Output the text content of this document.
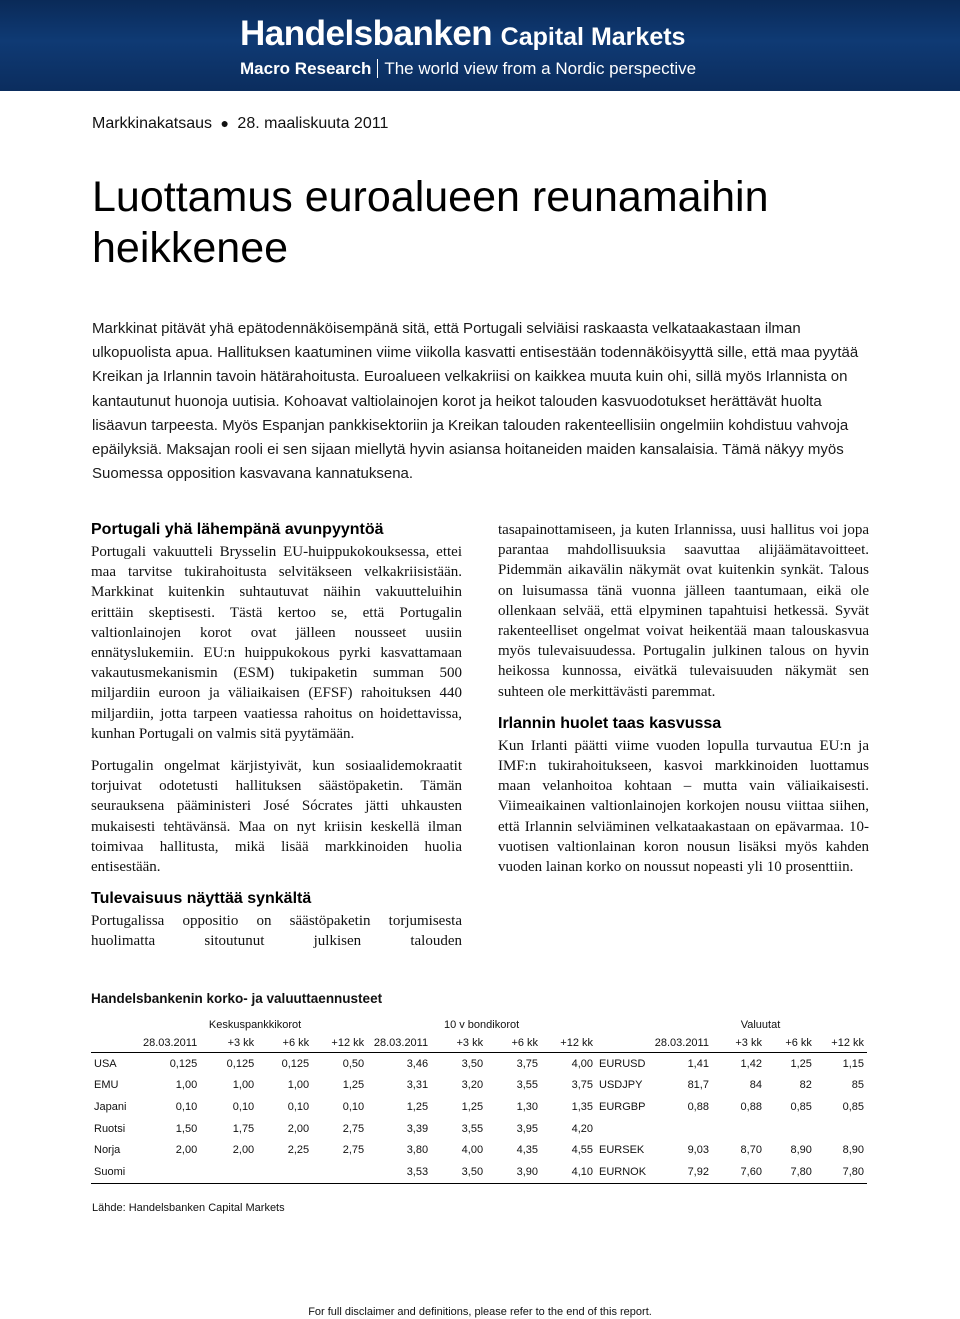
Handelsbanken Capital Markets
Macro Research The world view from a Nordic perspective
Markkinakatsaus ● 28. maaliskuuta 2011
Luottamus euroalueen reunamaihin heikkenee

Markkinat pitävät yhä epätodennäköisempänä sitä, että Portugali selviäisi raskaasta velkataakastaan ilman ulkopuolista apua. Hallituksen kaatuminen viime viikolla kasvatti entisestään todennäköisyyttä sille, että maa pyytää Kreikan ja Irlannin tavoin hätärahoitusta. Euroalueen velkakriisi on kaikkea muuta kuin ohi, sillä myös Irlannista on kantautunut huonoja uutisia. Kohoavat valtiolainojen korot ja heikot talouden kasvuodotukset herättävät huolta lisäavun tarpeesta. Myös Espanjan pankkisektoriin ja Kreikan talouden rakenteellisiin ongelmiin kohdistuu vahvoja epäilyksiä. Maksajan rooli ei sen sijaan miellytä hyvin asiansa hoitaneiden maiden kansalaisia. Tämä näkyy myös Suomessa opposition kasvavana kannatuksena.

Portugali yhä lähempänä avunpyyntöä

Portugali vakuutteli Brysselin EU-huippukokouksessa, ettei maa tarvitse tukirahoitusta selvitäkseen velkakriisistään. Markkinat kuitenkin suhtautuvat näihin vakuutteluihin erittäin skeptisesti. Tästä kertoo se, että Portugalin valtionlainojen korot ovat jälleen nousseet uusiin ennätyslukemiin. EU:n huippukokous pyrki kasvattamaan vakautusmekanismin (ESM) tukipaketin summan 500 miljardiin euroon ja väliaikaisen (EFSF) rahoituksen 440 miljardiin, jotta tarpeen vaatiessa rahoitus on hoidettavissa, kunhan Portugali on valmis sitä pyytämään.

Portugalin ongelmat kärjistyivät, kun sosiaalidemokraatit torjuivat odotetusti hallituksen säästöpaketin. Tämän seurauksena pääministeri José Sócrates jätti uhkausten mukaisesti tehtävänsä. Maa on nyt kriisin keskellä ilman toimivaa hallitusta, mikä lisää markkinoiden huolia entisestään.

Tulevaisuus näyttää synkältä

Portugalissa oppositio on säästöpaketin torjumisesta huolimatta sitoutunut julkisen talouden

tasapainottamiseen, ja kuten Irlannissa, uusi hallitus voi jopa parantaa mahdollisuuksia saavuttaa alijäämätavoitteet. Pidemmän aikavälin näkymät ovat kuitenkin synkät. Talous on luisumassa tänä vuonna jälleen taantumaan, eikä ole ollenkaan selvää, että elpyminen tapahtuisi hetkessä. Syvät rakenteelliset ongelmat voivat heikentää maan talouskasvua myös tulevaisuudessa. Portugalin julkinen talous on hyvin heikossa kunnossa, eivätkä tulevaisuuden näkymät sen suhteen ole merkittävästi paremmat.

Irlannin huolet taas kasvussa

Kun Irlanti päätti viime vuoden lopulla turvautua EU:n ja IMF:n tukirahoitukseen, kasvoi markkinoiden luottamus maan velanhoitoa kohtaan – mutta vain väliaikaisesti. Viimeaikainen valtionlainojen korkojen nousu viittaa siihen, että Irlannin selviäminen velkataakastaan on epävarmaa. 10-vuotisen valtionlainan koron nousun lisäksi myös kahden vuoden lainan korko on noussut nopeasti yli 10 prosenttiin.

Handelsbankenin korko- ja valuuttaennusteet
	Keskuspankkikorot				10 v bondikorot					Valuutat			
	28.03.2011	+3 kk	+6 kk	+12 kk	28.03.2011	+3 kk	+6 kk	+12 kk		28.03.2011	+3 kk	+6 kk	+12 kk
USA	0,125	0,125	0,125	0,50	3,46	3,50	3,75	4,00	EURUSD	1,41	1,42	1,25	1,15
EMU	1,00	1,00	1,00	1,25	3,31	3,20	3,55	3,75	USDJPY	81,7	84	82	85
Japani	0,10	0,10	0,10	0,10	1,25	1,25	1,30	1,35	EURGBP	0,88	0,88	0,85	0,85
Ruotsi	1,50	1,75	2,00	2,75	3,39	3,55	3,95	4,20					
Norja	2,00	2,00	2,25	2,75	3,80	4,00	4,35	4,55	EURSEK	9,03	8,70	8,90	8,90
Suomi					3,53	3,50	3,90	4,10	EURNOK	7,92	7,60	7,80	7,80
Lähde: Handelsbanken Capital Markets
For full disclaimer and definitions, please refer to the end of this report.
